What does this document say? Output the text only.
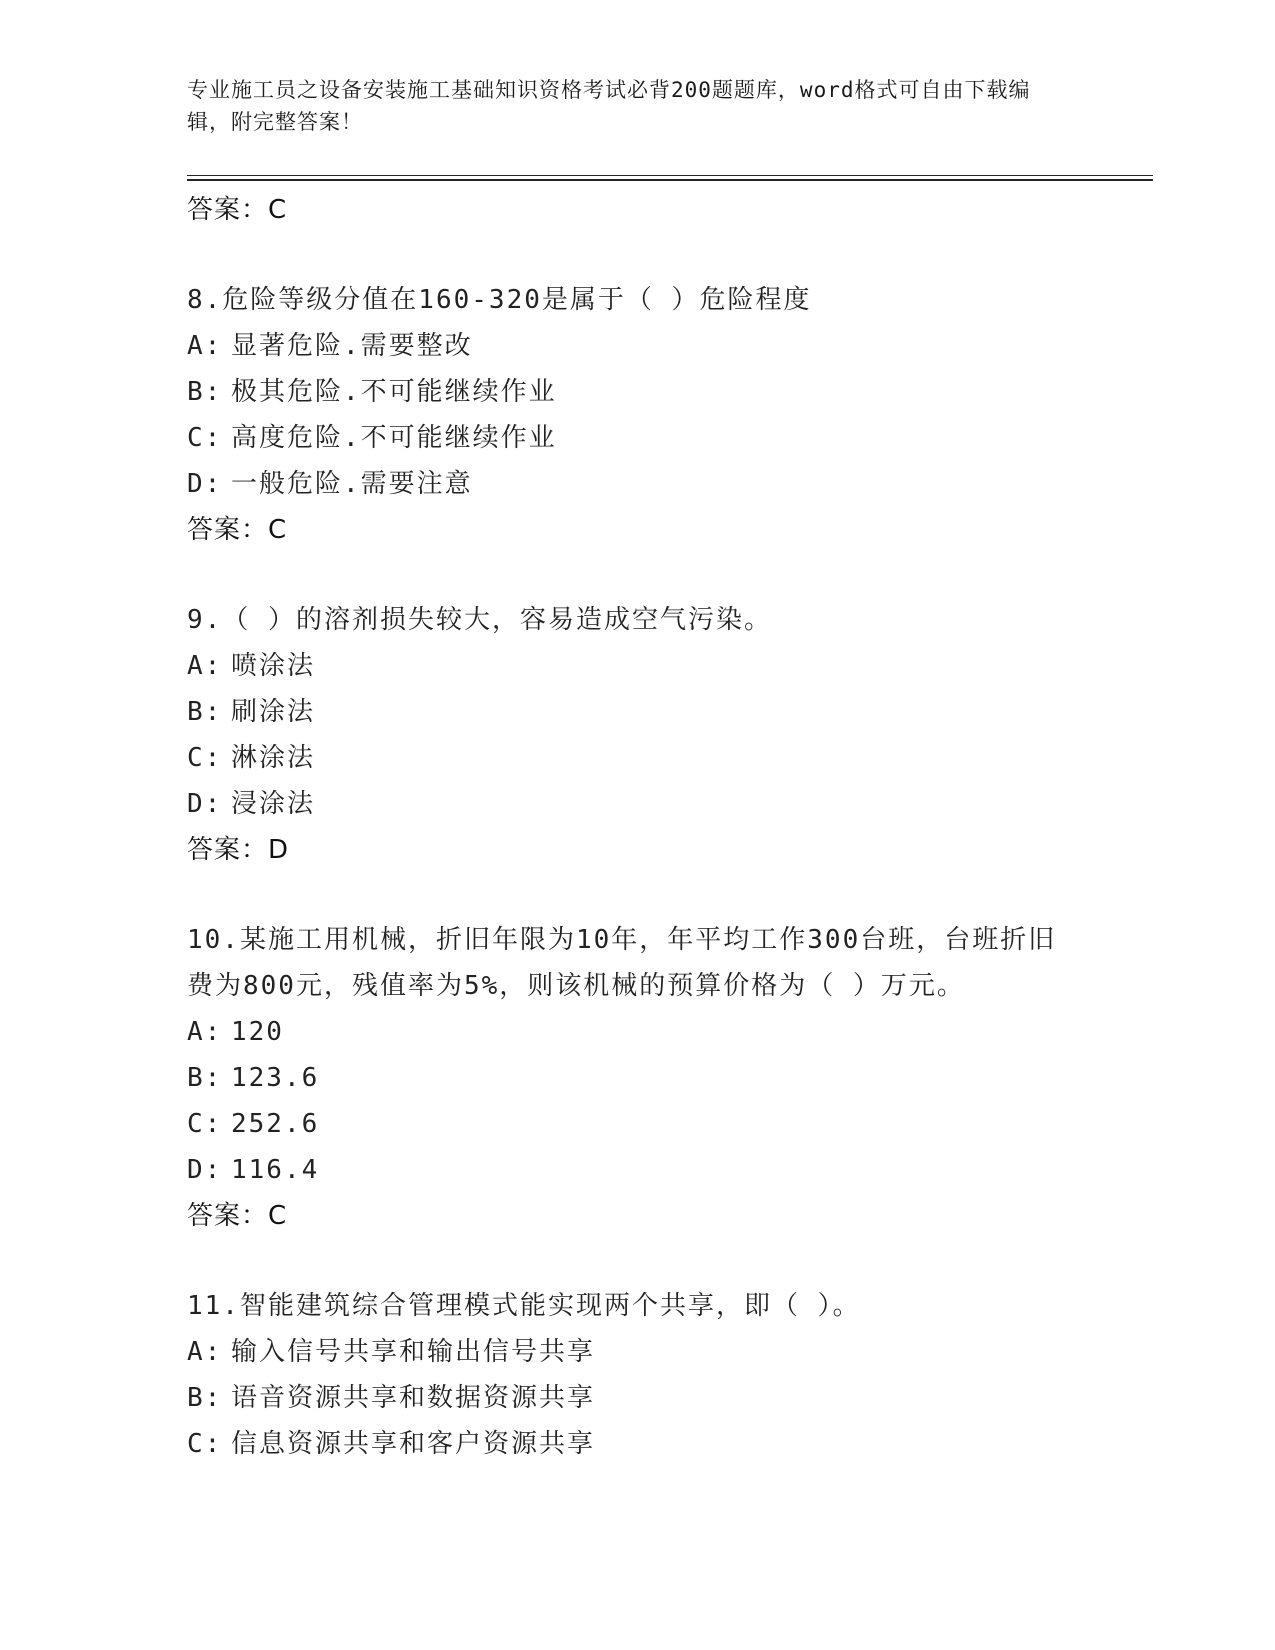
专业施工员之设备安装施工基础知识资格考试必背200题题库，word格式可自由下载编辑，附完整答案！
答案：C
8.危险等级分值在160-320是属于（ ）危险程度
A: 显著危险.需要整改
B: 极其危险.不可能继续作业
C: 高度危险.不可能继续作业
D: 一般危险.需要注意
答案：C
9.（ ）的溶剂损失较大，容易造成空气污染。
A: 喷涂法
B: 刷涂法
C: 淋涂法
D: 浸涂法
答案：D
10.某施工用机械，折旧年限为10年，年平均工作300台班，台班折旧费为800元，残值率为5%，则该机械的预算价格为（ ）万元。
A: 120
B: 123.6
C: 252.6
D: 116.4
答案：C
11.智能建筑综合管理模式能实现两个共享，即（ ）。
A: 输入信号共享和输出信号共享
B: 语音资源共享和数据资源共享
C: 信息资源共享和客户资源共享
